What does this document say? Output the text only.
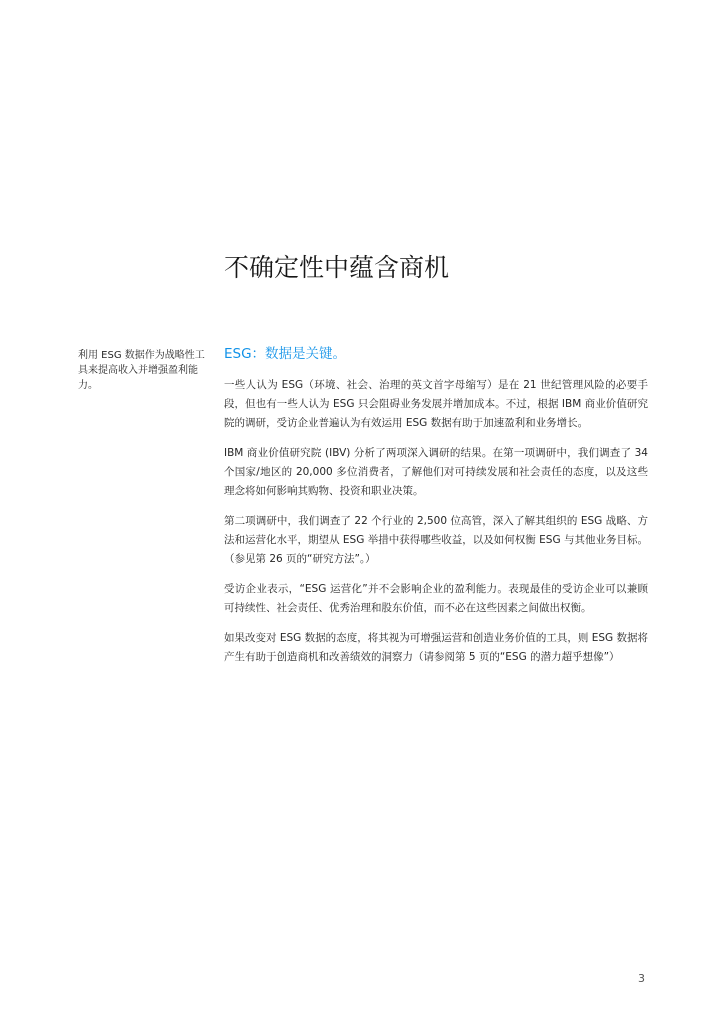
不确定性中蕴含商机

利用 ESG 数据作为战略性工具来提高收入并增强盈利能力。

ESG：数据是关键。

一些人认为 ESG（环境、社会、治理的英文首字母缩写）是在 21 世纪管理风险的必要手段，但也有一些人认为 ESG 只会阻碍业务发展并增加成本。不过，根据 IBM 商业价值研究院的调研，受访企业普遍认为有效运用 ESG 数据有助于加速盈利和业务增长。

IBM 商业价值研究院 (IBV) 分析了两项深入调研的结果。在第一项调研中，我们调查了 34 个国家/地区的 20,000 多位消费者，了解他们对可持续发展和社会责任的态度，以及这些理念将如何影响其购物、投资和职业决策。

第二项调研中，我们调查了 22 个行业的 2,500 位高管，深入了解其组织的 ESG 战略、方法和运营化水平，期望从 ESG 举措中获得哪些收益，以及如何权衡 ESG 与其他业务目标。（参见第 26 页的“研究方法”。）

受访企业表示，“ESG 运营化”并不会影响企业的盈利能力。表现最佳的受访企业可以兼顾可持续性、社会责任、优秀治理和股东价值，而不必在这些因素之间做出权衡。

如果改变对 ESG 数据的态度，将其视为可增强运营和创造业务价值的工具，则 ESG 数据将产生有助于创造商机和改善绩效的洞察力（请参阅第 5 页的“ESG 的潜力超乎想像”）

3
